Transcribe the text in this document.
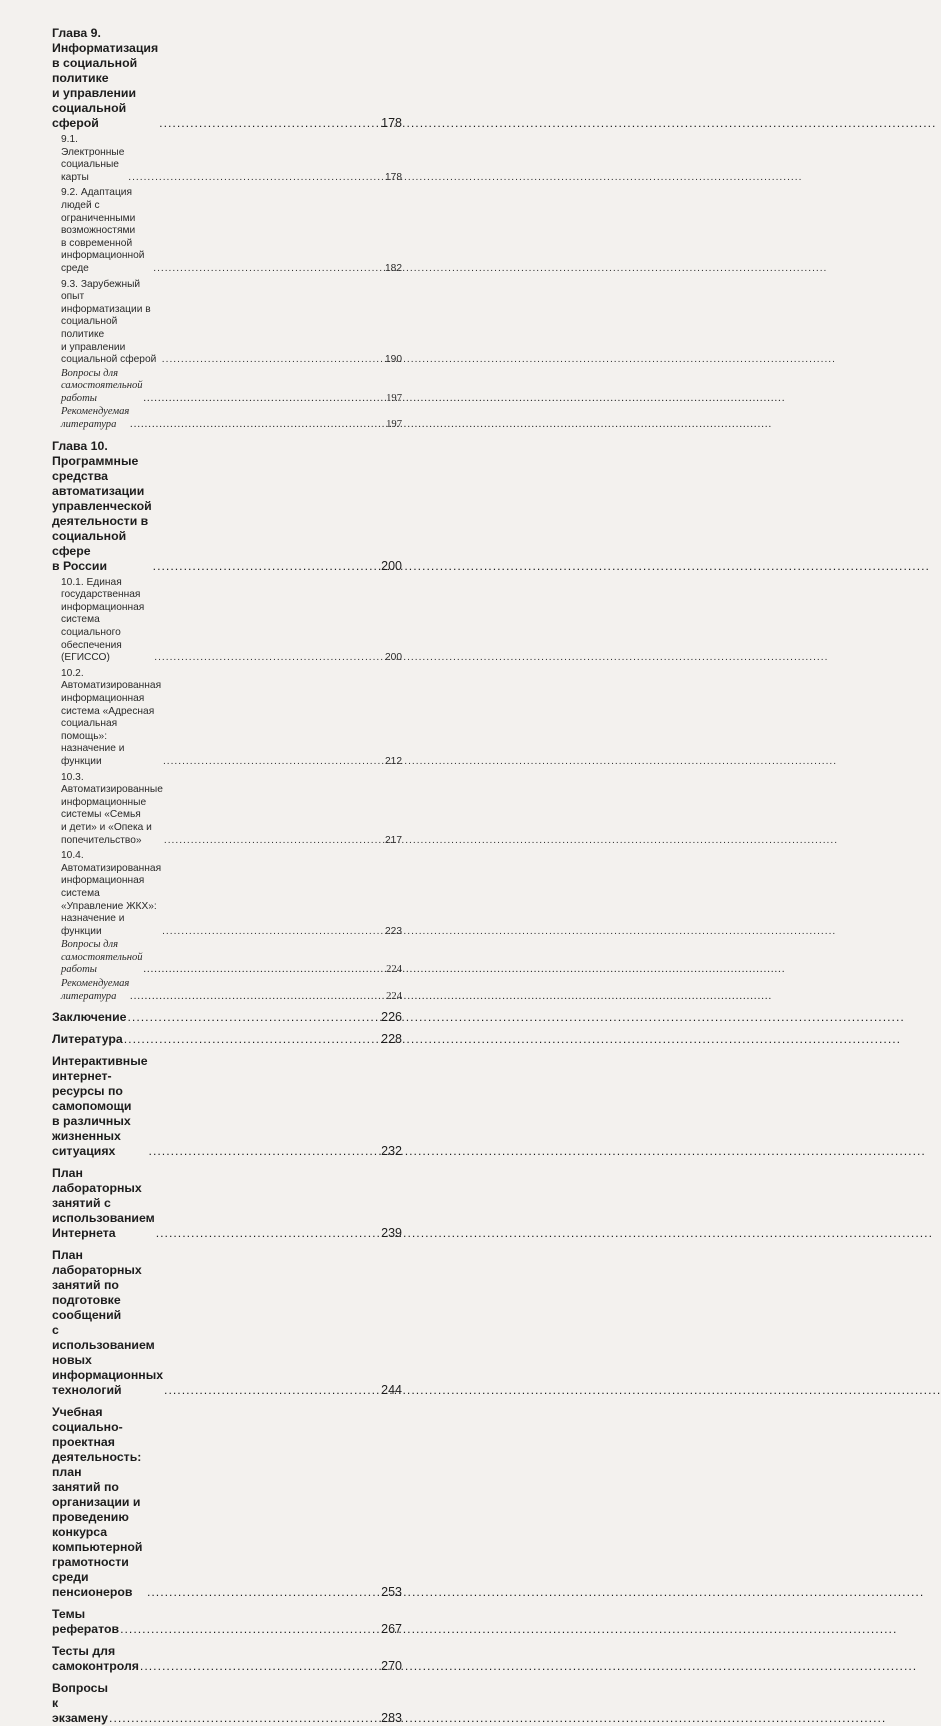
Глава 9. Информатизация в социальной политике
и управлении социальной сферой .....	178
9.1. Электронные социальные карты .....	178
9.2. Адаптация людей с ограниченными возможностями
в современной информационной среде .....	182
9.3. Зарубежный опыт информатизации в социальной политике
и управлении социальной сферой .....	190
Вопросы для самостоятельной работы .....	197
Рекомендуемая литература .....	197
Глава 10. Программные средства автоматизации
управленческой деятельности в социальной сфере
в России .....	200
10.1. Единая государственная информационная система
социального обеспечения (ЕГИССО) .....	200
10.2. Автоматизированная информационная система «Адресная
социальная помощь»: назначение и функции .....	212
10.3. Автоматизированные информационные системы «Семья
и дети» и «Опека и попечительство» .....	217
10.4. Автоматизированная информационная система
«Управление ЖКХ»: назначение и функции .....	223
Вопросы для самостоятельной работы .....	224
Рекомендуемая литература .....	224
Заключение .....	226
Литература .....	228
Интерактивные интернет-ресурсы по самопомощи
в различных жизненных ситуациях .....	232
План лабораторных занятий с использованием
Интернета .....	239
План лабораторных занятий по подготовке сообщений
с использованием новых информационных технологий .....	244
Учебная социально-проектная деятельность: план
занятий по организации и проведению конкурса
компьютерной грамотности среди пенсионеров .....	253
Темы рефератов .....	267
Тесты для самоконтроля .....	270
Вопросы к экзамену .....	283
